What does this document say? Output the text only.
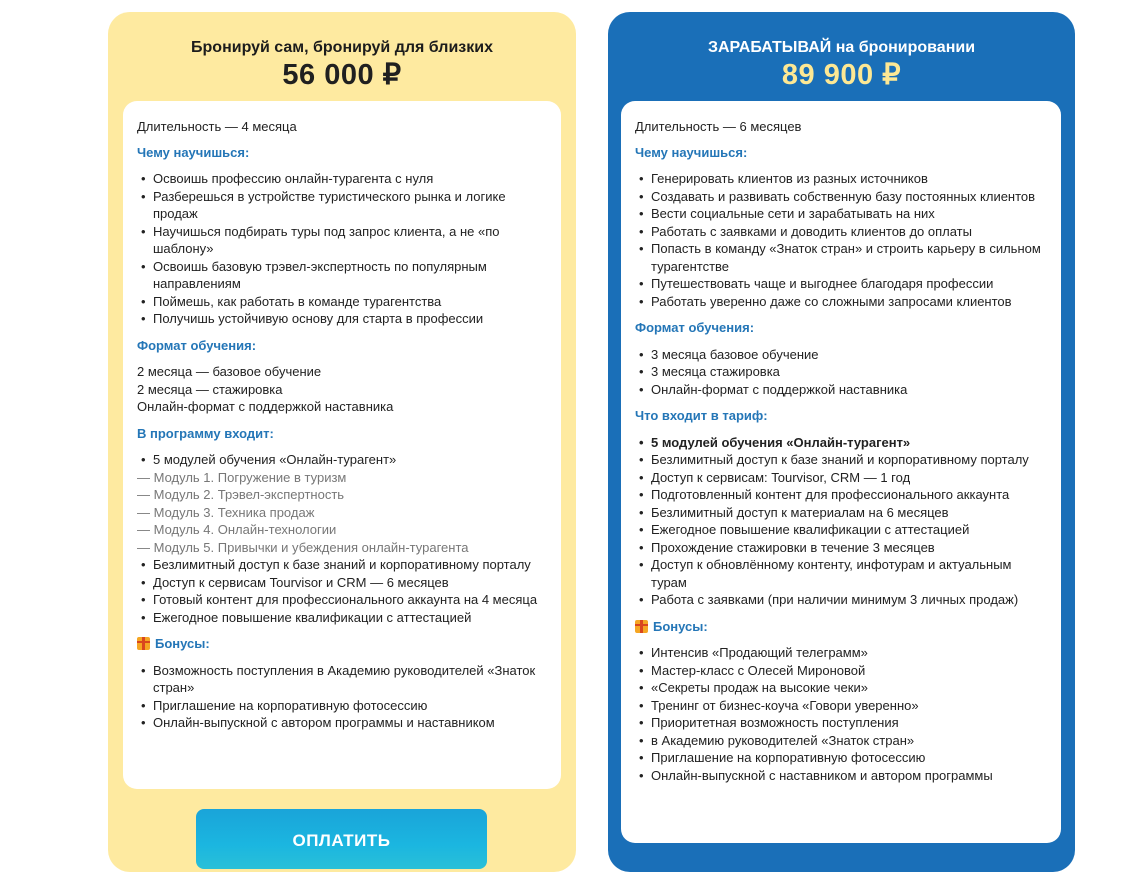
Бронируй сам, бронируй для близких
56 000 ₽

Длительность — 4 месяца

Чему научишься:

• Освоишь профессию онлайн-турагента с нуля
• Разберешься в устройстве туристического рынка и логике продаж
• Научишься подбирать туры под запрос клиента, а не «по шаблону»
• Освоишь базовую трэвел-экспертность по популярным направлениям
• Поймешь, как работать в команде турагентства
• Получишь устойчивую основу для старта в профессии

Формат обучения:

2 месяца — базовое обучение

2 месяца — стажировка

Онлайн-формат с поддержкой наставника

В программу входит:

• 5 модулей обучения «Онлайн-турагент»
— Модуль 1. Погружение в туризм
— Модуль 2. Трэвел-экспертность
— Модуль 3. Техника продаж
— Модуль 4. Онлайн-технологии
— Модуль 5. Привычки и убеждения онлайн-турагента
• Безлимитный доступ к базе знаний и корпоративному порталу
• Доступ к сервисам Tourvisor и CRM — 6 месяцев
• Готовый контент для профессионального аккаунта на 4 месяца
• Ежегодное повышение квалификации с аттестацией

Бонусы:

• Возможность поступления в Академию руководителей «Знаток стран»
• Приглашение на корпоративную фотосессию
• Онлайн-выпускной с автором программы и наставником
ОПЛАТИТЬ
ЗАРАБАТЫВАЙ на бронировании
89 900 ₽

Длительность — 6 месяцев

Чему научишься:

• Генерировать клиентов из разных источников
• Создавать и развивать собственную базу постоянных клиентов
• Вести социальные сети и зарабатывать на них
• Работать с заявками и доводить клиентов до оплаты
• Попасть в команду «Знаток стран» и строить карьеру в сильном турагентстве
• Путешествовать чаще и выгоднее благодаря профессии
• Работать уверенно даже со сложными запросами клиентов

Формат обучения:

• 3 месяца базовое обучение
• 3 месяца стажировка
• Онлайн-формат с поддержкой наставника

Что входит в тариф:

• 5 модулей обучения «Онлайн-турагент»
• Безлимитный доступ к базе знаний и корпоративному порталу
• Доступ к сервисам: Tourvisor, CRM — 1 год
• Подготовленный контент для профессионального аккаунта
• Безлимитный доступ к материалам на 6 месяцев
• Ежегодное повышение квалификации с аттестацией
• Прохождение стажировки в течение 3 месяцев
• Доступ к обновлённому контенту, инфотурам и актуальным турам
• Работа с заявками (при наличии минимум 3 личных продаж)

Бонусы:

• Интенсив «Продающий телеграмм»
• Мастер-класс с Олесей Мироновой
• «Секреты продаж на высокие чеки»
• Тренинг от бизнес-коуча «Говори уверенно»
• Приоритетная возможность поступления
• в Академию руководителей «Знаток стран»
• Приглашение на корпоративную фотосессию
• Онлайн-выпускной с наставником и автором программы
